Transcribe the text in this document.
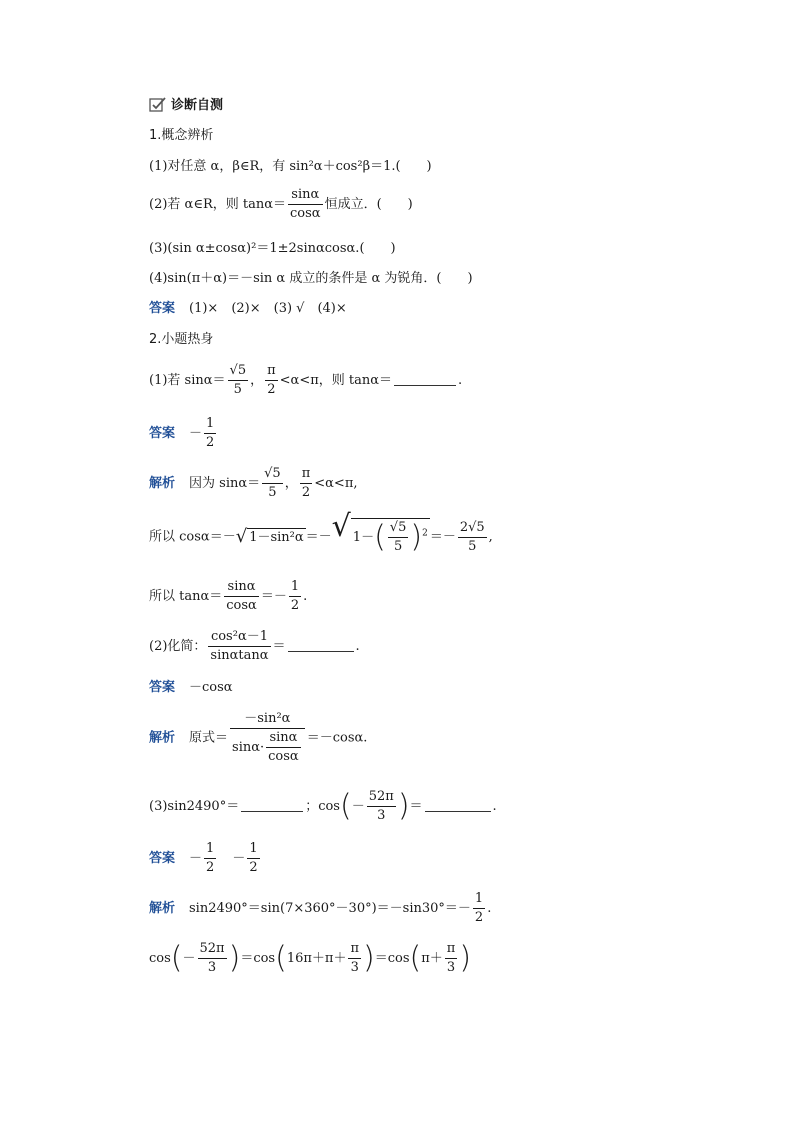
诊断自测
1.概念辨析
(1)对任意 α，β∈R，有 sin²α＋cos²β＝1.(　　)
(2)若 α∈R，则 $\tan\alpha= \frac{\sin\alpha}{\cos\alpha}$ 恒成立．(　　)
(3)(sin α±cosα)²＝1±2sinαcosα.(　　)
(4)sin(π＋α)＝－sin α 成立的条件是 α 为锐角．(　　)
答案 (1)×　(2)×　(3) √　(4)×
2.小题热身
(1)若 $\sin\alpha= \frac{√5}{5}$ ， $\frac{\pi}{2} <\alpha<\pi$，则 tanα＝	.
答案 － $\frac{1}{2}$
解析 因为 $\sin\alpha= \frac{√5}{5}$ ， $\frac{\pi}{2} <\alpha<\pi$,
所以 cosα＝－√ 1－sin²α ＝－√ $1-( \frac{√5}{5} )^2 =- \frac{2√5}{5}$ ,
所以 $\tan\alpha= \frac{\sin\alpha}{\cos\alpha} =- \frac{1}{2}$ .
(2)化简： $\frac{\text{cos²α－1}}{\sin\alpha\tan\alpha}$ ＝	.
答案 －cosα
解析 原式＝ $\frac{\text{－sin²α}}{\sin\alpha\cdot \frac{\sin\alpha}{\cos\alpha}} =-\cos\alpha$.
(3)sin2490°＝	；$\cos(- \frac{52\pi}{3}$ )＝	.
答案 － $\frac{1}{2} - \frac{1}{2}$
解析 $\sin 2490^\circ=\sin(7\times 360^\circ-30^\circ)=-\sin 30^\circ=- \frac{1}{2}$ .
$\cos(- \frac{52\pi}{3} )=\cos(16\pi+\pi+ \frac{\pi}{3} )=\cos(\pi+ \frac{\pi}{3}$ )
